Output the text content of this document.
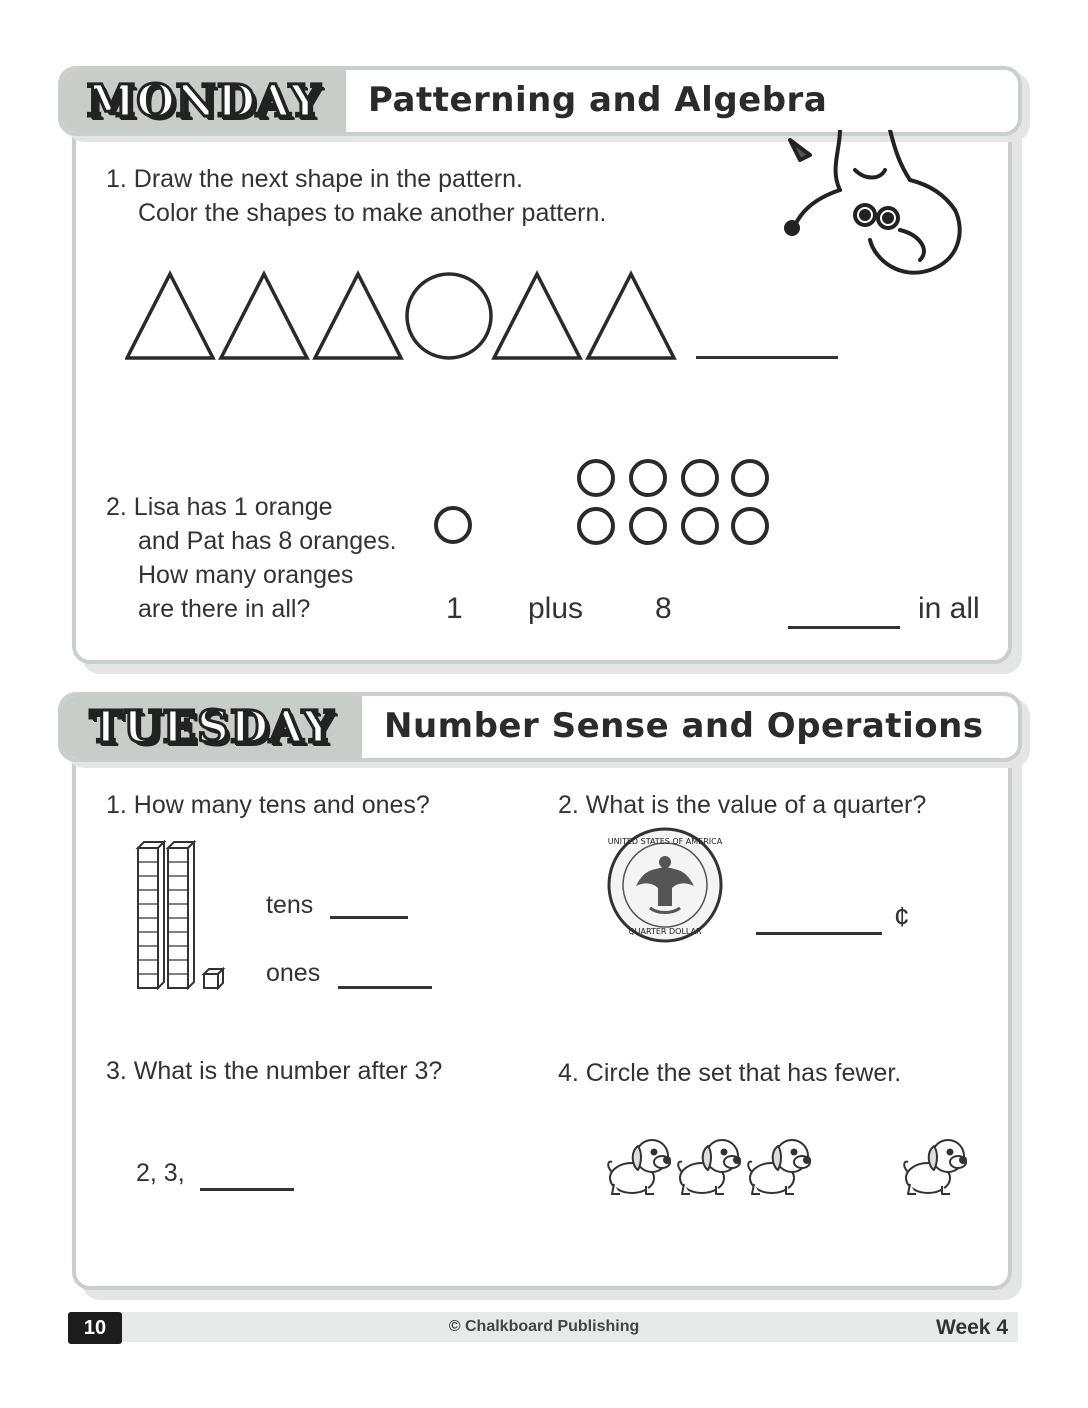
MONDAY Patterning and Algebra
1. Draw the next shape in the pattern.
Color the shapes to make another pattern.
2. Lisa has 1 orange
and Pat has 8 oranges.
How many oranges
are there in all?	1 plus 8	in all
TUESDAY Number Sense and Operations
1. How many tens and ones?
tens
ones
2. What is the value of a quarter?
UNITED STATES OF AMERICA
QUARTER DOLLAR	¢
3. What is the number after 3?
2, 3,
4. Circle the set that has fewer.
10	© Chalkboard Publishing	Week 4
